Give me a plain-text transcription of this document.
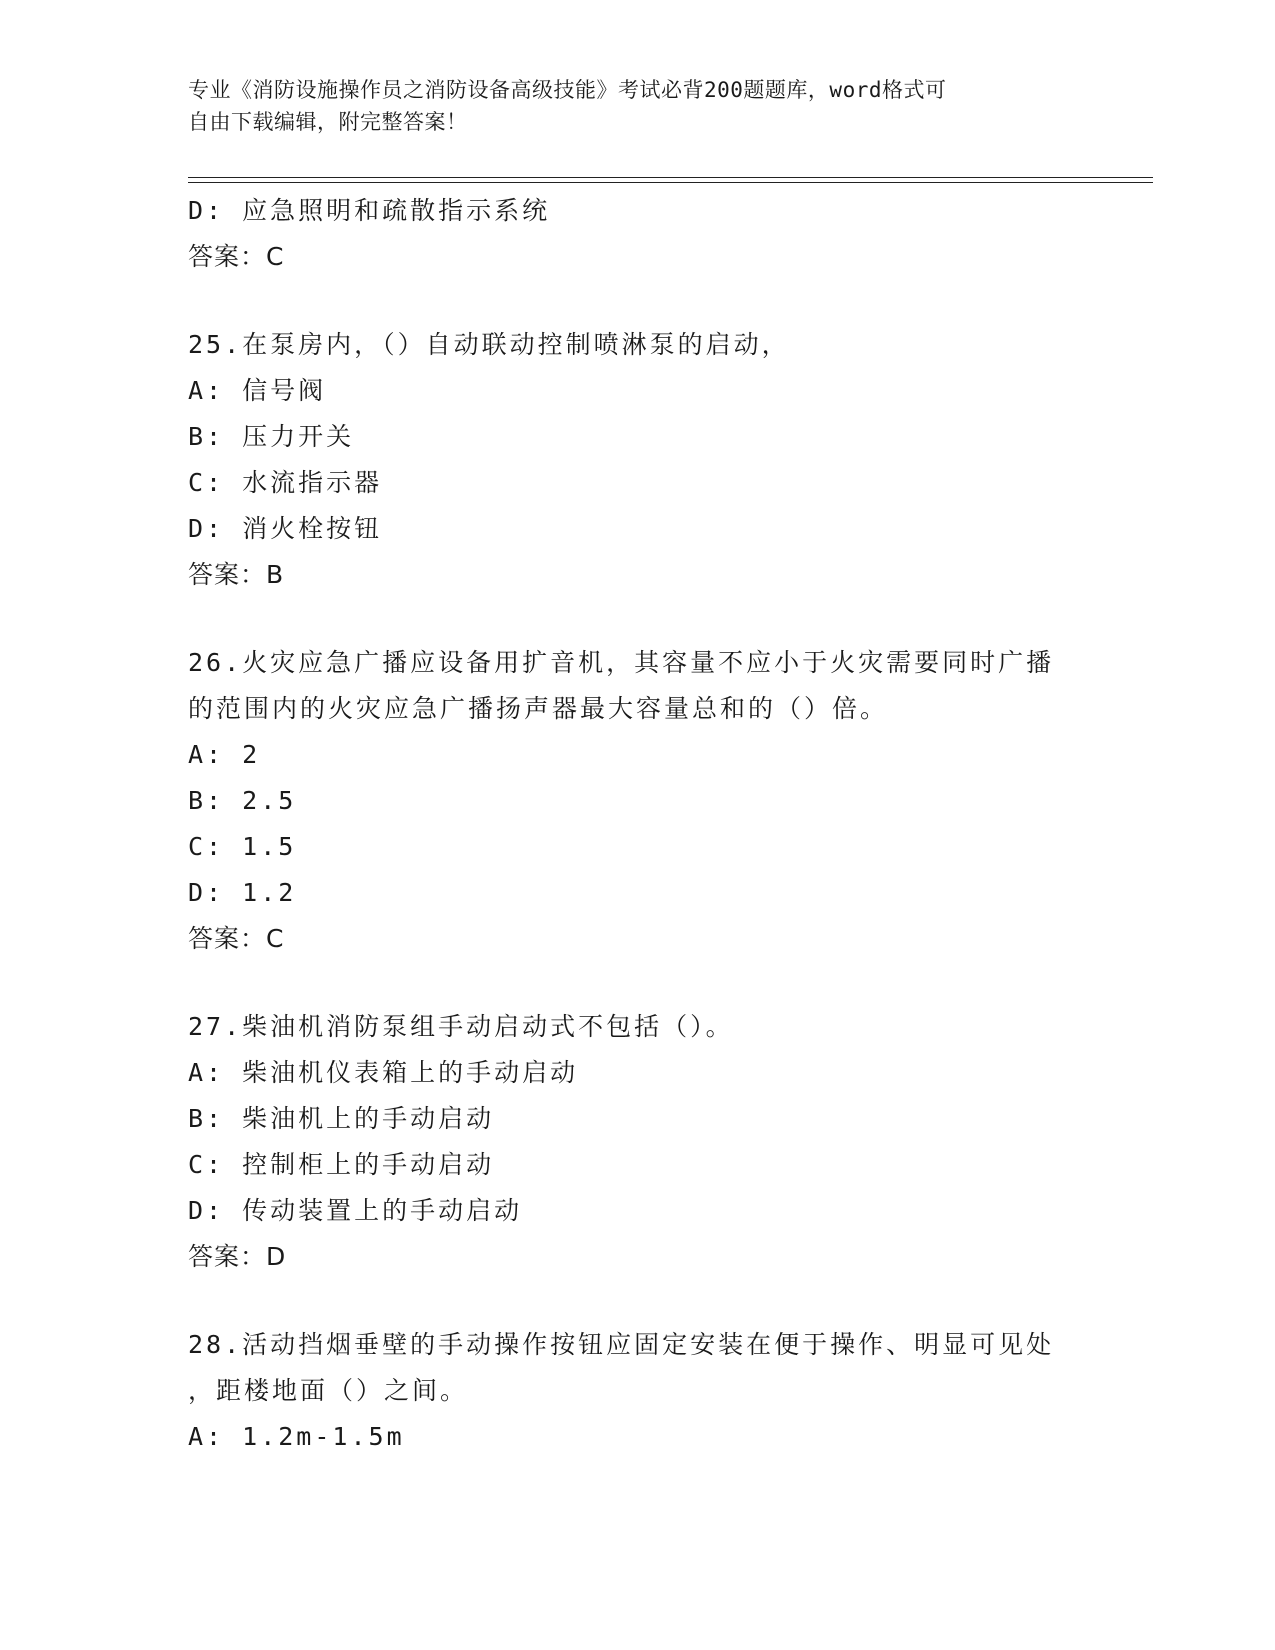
专业《消防设施操作员之消防设备高级技能》考试必背200题题库，word格式可
自由下载编辑，附完整答案！
D: 应急照明和疏散指示系统
答案：C
25.在泵房内，（）自动联动控制喷淋泵的启动，
A: 信号阀
B: 压力开关
C: 水流指示器
D: 消火栓按钮
答案：B
26.火灾应急广播应设备用扩音机，其容量不应小于火灾需要同时广播
的范围内的火灾应急广播扬声器最大容量总和的（）倍。
A: 2
B: 2.5
C: 1.5
D: 1.2
答案：C
27.柴油机消防泵组手动启动式不包括（）。
A: 柴油机仪表箱上的手动启动
B: 柴油机上的手动启动
C: 控制柜上的手动启动
D: 传动装置上的手动启动
答案：D
28.活动挡烟垂壁的手动操作按钮应固定安装在便于操作、明显可见处
，距楼地面（）之间。
A: 1.2m-1.5m
